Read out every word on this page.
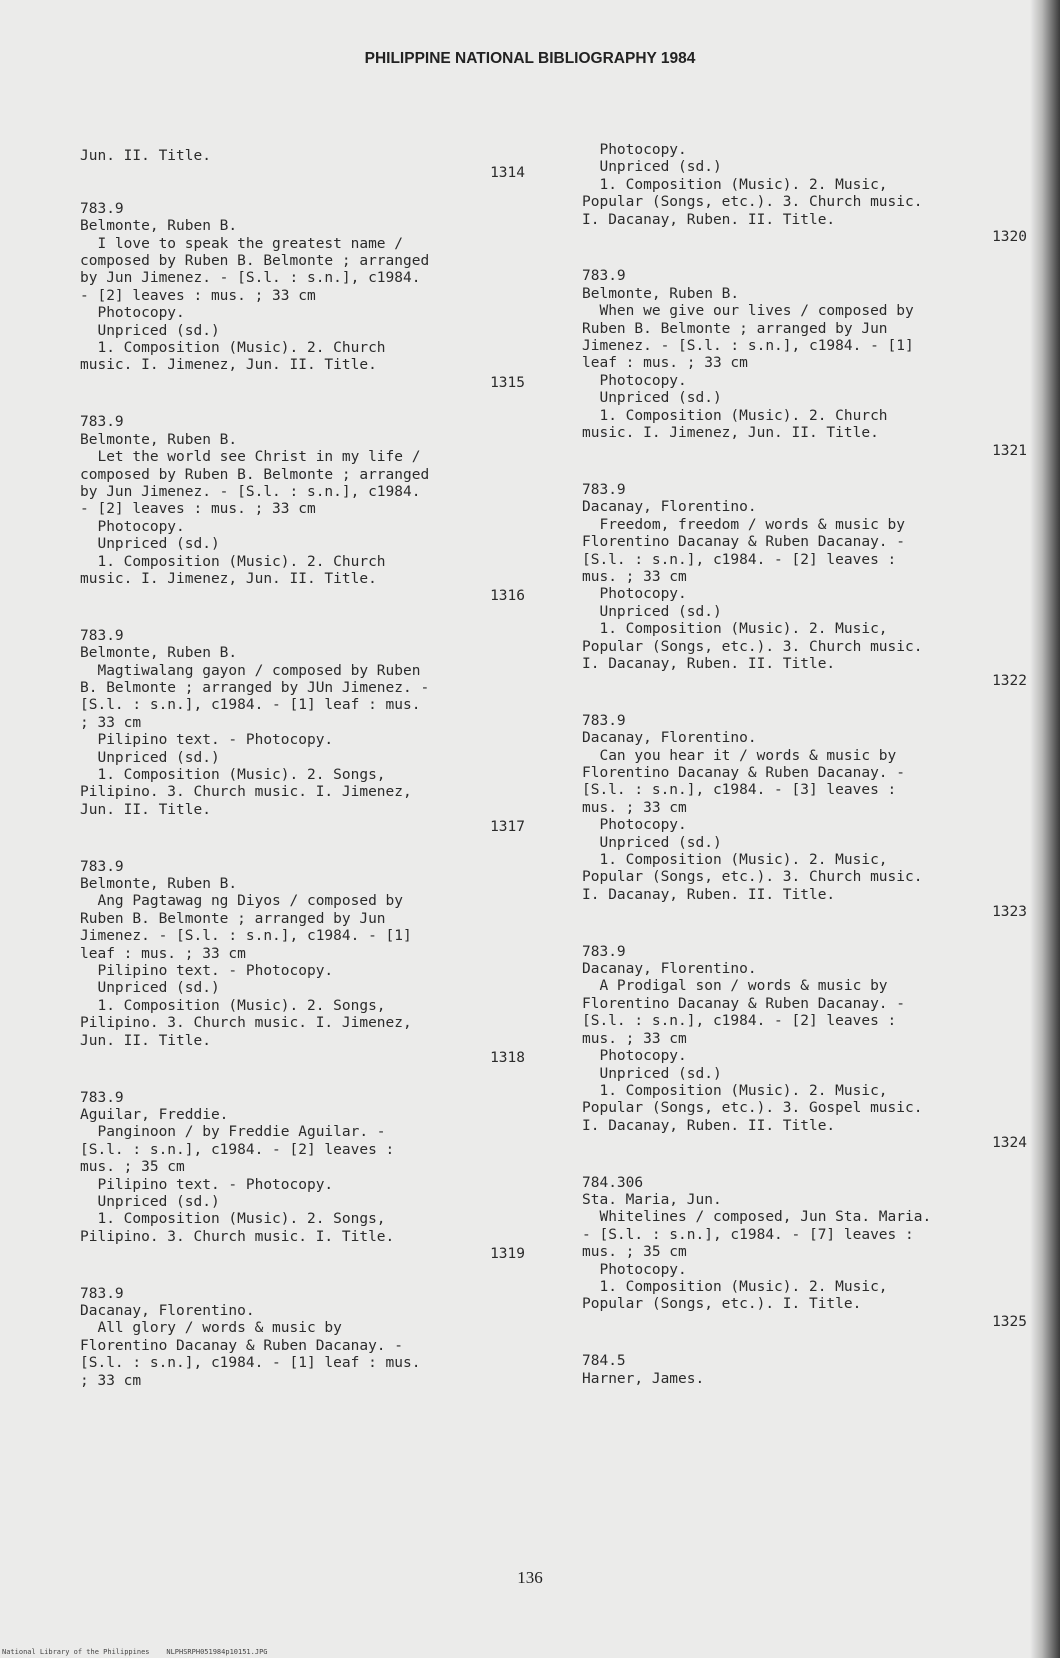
PHILIPPINE NATIONAL BIBLIOGRAPHY 1984
Jun. II. Title.
1314
783.9
Belmonte, Ruben B.
I love to speak the greatest name /
composed by Ruben B. Belmonte ; arranged
by Jun Jimenez. - [S.l. : s.n.], c1984.
- [2] leaves : mus. ; 33 cm
Photocopy.
Unpriced (sd.)
1. Composition (Music). 2. Church
music. I. Jimenez, Jun. II. Title.
1315
783.9
Belmonte, Ruben B.
Let the world see Christ in my life /
composed by Ruben B. Belmonte ; arranged
by Jun Jimenez. - [S.l. : s.n.], c1984.
- [2] leaves : mus. ; 33 cm
Photocopy.
Unpriced (sd.)
1. Composition (Music). 2. Church
music. I. Jimenez, Jun. II. Title.
1316
783.9
Belmonte, Ruben B.
Magtiwalang gayon / composed by Ruben
B. Belmonte ; arranged by JUn Jimenez. -
[S.l. : s.n.], c1984. - [1] leaf : mus.
; 33 cm
Pilipino text. - Photocopy.
Unpriced (sd.)
1. Composition (Music). 2. Songs,
Pilipino. 3. Church music. I. Jimenez,
Jun. II. Title.
1317
783.9
Belmonte, Ruben B.
Ang Pagtawag ng Diyos / composed by
Ruben B. Belmonte ; arranged by Jun
Jimenez. - [S.l. : s.n.], c1984. - [1]
leaf : mus. ; 33 cm
Pilipino text. - Photocopy.
Unpriced (sd.)
1. Composition (Music). 2. Songs,
Pilipino. 3. Church music. I. Jimenez,
Jun. II. Title.
1318
783.9
Aguilar, Freddie.
Panginoon / by Freddie Aguilar. -
[S.l. : s.n.], c1984. - [2] leaves :
mus. ; 35 cm
Pilipino text. - Photocopy.
Unpriced (sd.)
1. Composition (Music). 2. Songs,
Pilipino. 3. Church music. I. Title.
1319
783.9
Dacanay, Florentino.
All glory / words & music by
Florentino Dacanay & Ruben Dacanay. -
[S.l. : s.n.], c1984. - [1] leaf : mus.
; 33 cm
Photocopy.
Unpriced (sd.)
1. Composition (Music). 2. Music,
Popular (Songs, etc.). 3. Church music.
I. Dacanay, Ruben. II. Title.
1320
783.9
Belmonte, Ruben B.
When we give our lives / composed by
Ruben B. Belmonte ; arranged by Jun
Jimenez. - [S.l. : s.n.], c1984. - [1]
leaf : mus. ; 33 cm
Photocopy.
Unpriced (sd.)
1. Composition (Music). 2. Church
music. I. Jimenez, Jun. II. Title.
1321
783.9
Dacanay, Florentino.
Freedom, freedom / words & music by
Florentino Dacanay & Ruben Dacanay. -
[S.l. : s.n.], c1984. - [2] leaves :
mus. ; 33 cm
Photocopy.
Unpriced (sd.)
1. Composition (Music). 2. Music,
Popular (Songs, etc.). 3. Church music.
I. Dacanay, Ruben. II. Title.
1322
783.9
Dacanay, Florentino.
Can you hear it / words & music by
Florentino Dacanay & Ruben Dacanay. -
[S.l. : s.n.], c1984. - [3] leaves :
mus. ; 33 cm
Photocopy.
Unpriced (sd.)
1. Composition (Music). 2. Music,
Popular (Songs, etc.). 3. Church music.
I. Dacanay, Ruben. II. Title.
1323
783.9
Dacanay, Florentino.
A Prodigal son / words & music by
Florentino Dacanay & Ruben Dacanay. -
[S.l. : s.n.], c1984. - [2] leaves :
mus. ; 33 cm
Photocopy.
Unpriced (sd.)
1. Composition (Music). 2. Music,
Popular (Songs, etc.). 3. Gospel music.
I. Dacanay, Ruben. II. Title.
1324
784.306
Sta. Maria, Jun.
Whitelines / composed, Jun Sta. Maria.
- [S.l. : s.n.], c1984. - [7] leaves :
mus. ; 35 cm
Photocopy.
1. Composition (Music). 2. Music,
Popular (Songs, etc.). I. Title.
1325
784.5
Harner, James.
136
National Library of the Philippines    NLPHSRPH051984p10151.JPG
